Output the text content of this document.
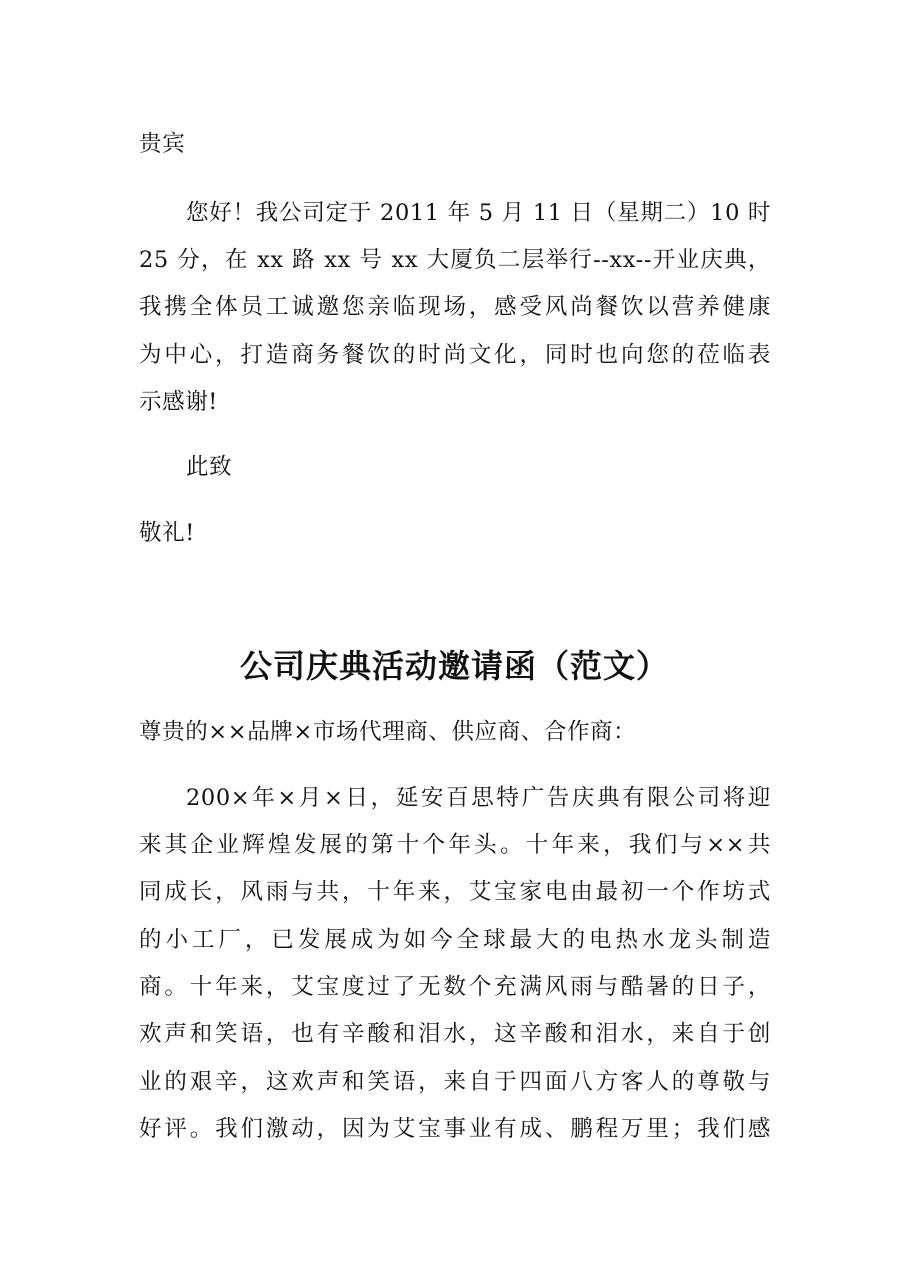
贵宾
您好！我公司定于 2011 年 5 月 11 日（星期二）10 时
25 分，在 xx 路 xx 号 xx 大厦负二层举行--xx--开业庆典，
我携全体员工诚邀您亲临现场，感受风尚餐饮以营养健康
为中心，打造商务餐饮的时尚文化，同时也向您的莅临表
示感谢!
此致
敬礼!
公司庆典活动邀请函（范文）
尊贵的××品牌×市场代理商、供应商、合作商：
200×年×月×日，延安百思特广告庆典有限公司将迎
来其企业辉煌发展的第十个年头。十年来，我们与××共
同成长，风雨与共，十年来，艾宝家电由最初一个作坊式
的小工厂，已发展成为如今全球最大的电热水龙头制造
商。十年来，艾宝度过了无数个充满风雨与酷暑的日子，
欢声和笑语，也有辛酸和泪水，这辛酸和泪水，来自于创
业的艰辛，这欢声和笑语，来自于四面八方客人的尊敬与
好评。我们激动，因为艾宝事业有成、鹏程万里；我们感
